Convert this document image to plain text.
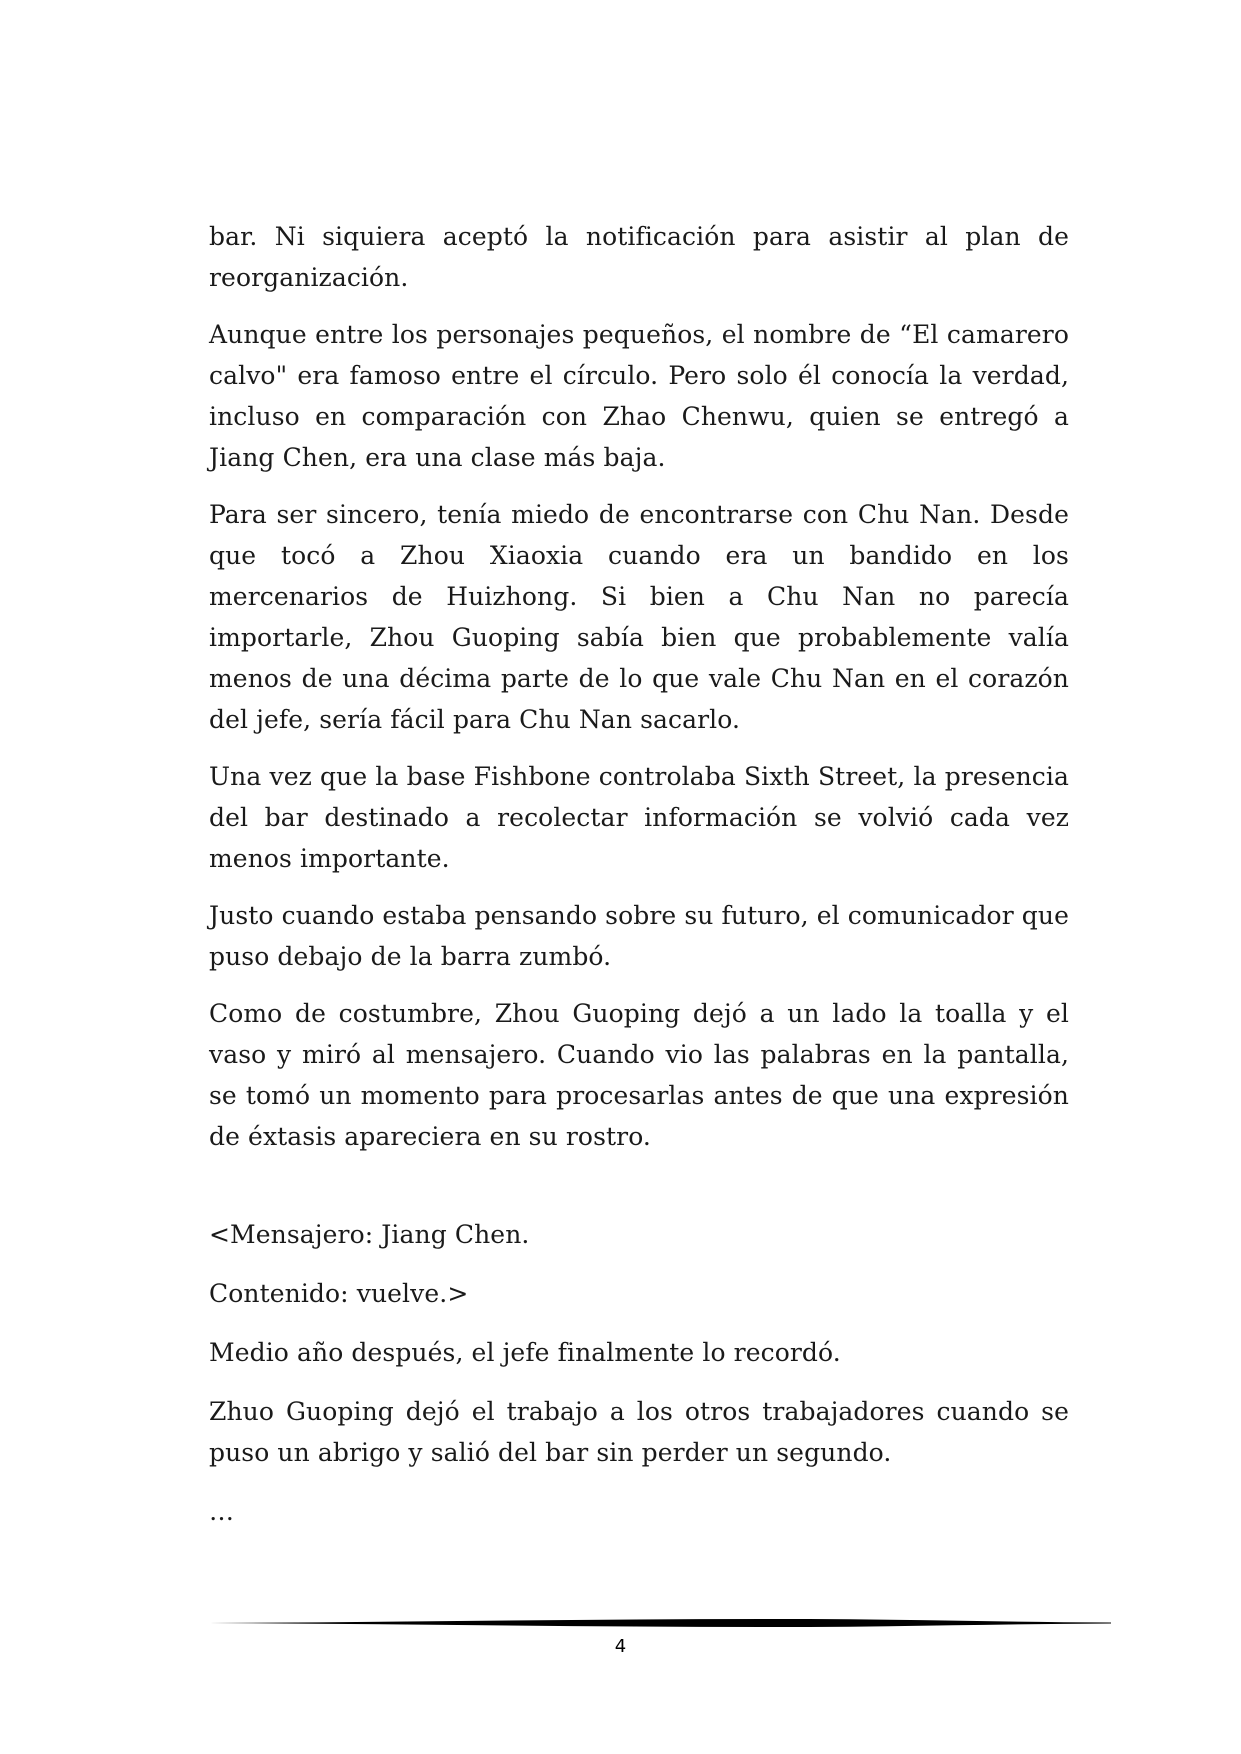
bar. Ni siquiera aceptó la notificación para asistir al plan de reorganización.

Aunque entre los personajes pequeños, el nombre de “El camarero calvo" era famoso entre el círculo. Pero solo él conocía la verdad, incluso en comparación con Zhao Chenwu, quien se entregó a Jiang Chen, era una clase más baja.

Para ser sincero, tenía miedo de encontrarse con Chu Nan. Desde que tocó a Zhou Xiaoxia cuando era un bandido en los mercenarios de Huizhong. Si bien a Chu Nan no parecía importarle, Zhou Guoping sabía bien que probablemente valía menos de una décima parte de lo que vale Chu Nan en el corazón del jefe, sería fácil para Chu Nan sacarlo.

Una vez que la base Fishbone controlaba Sixth Street, la presencia del bar destinado a recolectar información se volvió cada vez menos importante.

Justo cuando estaba pensando sobre su futuro, el comunicador que puso debajo de la barra zumbó.

Como de costumbre, Zhou Guoping dejó a un lado la toalla y el vaso y miró al mensajero. Cuando vio las palabras en la pantalla, se tomó un momento para procesarlas antes de que una expresión de éxtasis apareciera en su rostro.

<Mensajero: Jiang Chen.

Contenido: vuelve.>

Medio año después, el jefe finalmente lo recordó.

Zhuo Guoping dejó el trabajo a los otros trabajadores cuando se puso un abrigo y salió del bar sin perder un segundo.

…

4
